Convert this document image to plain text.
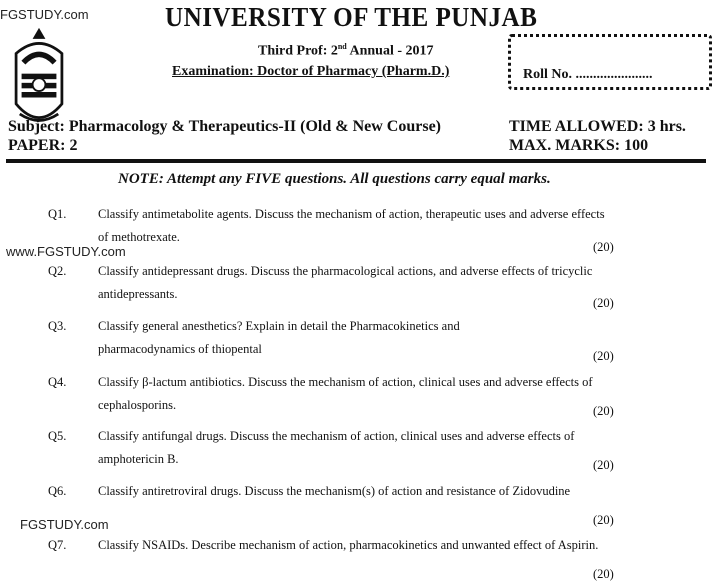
FGSTUDY.com
www.FGSTUDY.com
FGSTUDY.com
UNIVERSITY OF THE PUNJAB
Third Prof: 2nd Annual - 2017
Examination: Doctor of Pharmacy (Pharm.D.)	Roll No. ......................
Subject: Pharmacology & Therapeutics-II (Old & New Course)
PAPER: 2
TIME ALLOWED: 3 hrs.
MAX. MARKS: 100
NOTE: Attempt any FIVE questions. All questions carry equal marks.
Q1.	Classify antimetabolite agents. Discuss the mechanism of action, therapeutic uses and adverse effects of methotrexate.
(20)
Q2.	Classify antidepressant drugs. Discuss the pharmacological actions, and adverse effects of tricyclic antidepressants.
(20)
Q3.	Classify general anesthetics? Explain in detail the Pharmacokinetics and pharmacodynamics of thiopental	(20)
Q4.	Classify β-lactum antibiotics. Discuss the mechanism of action, clinical uses and adverse effects of cephalosporins.	(20)
Q5.	Classify antifungal drugs. Discuss the mechanism of action, clinical uses and adverse effects of amphotericin B.	(20)
Q6.	Classify antiretroviral drugs. Discuss the mechanism(s) of action and resistance of Zidovudine
(20)
Q7.	Classify NSAIDs. Describe mechanism of action, pharmacokinetics and unwanted effect of Aspirin.
(20)
